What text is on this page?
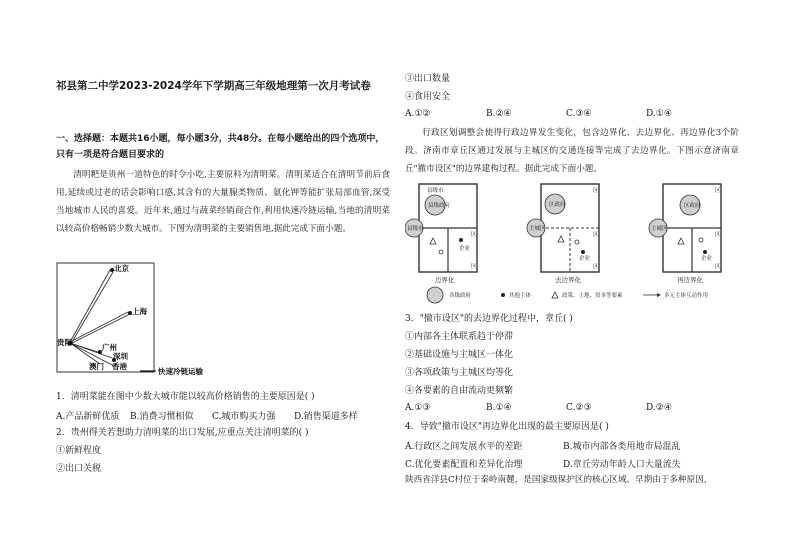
祁县第二中学2023-2024学年下学期高三年级地理第一次月考试卷
一、选择题：本题共16小题，每小题3分，共48分。在每小题给出的四个选项中，只有一项是符合题目要求的
清明粑是贵州一道特色的时令小吃,主要原料为清明菜。清明菜适合在清明节前后食用,延续或过老的话会影响口感,其含有的大量腺类物质、氨化钾等能扩张局部血管,深受当地城市人民的喜爱。近年来,通过与蔬菜经销商合作,利用快速冷链运输,当地的清明菜以较高价格畅销少数大城市。下图为清明菜的主要销售地,据此完成下面小题。
北京
上海
贵阳
广州
深圳
澳门 香港
快速冷链运输
1．清明菜能在图中少数大城市能以较高价格销售的主要原因是( )
A.产品新鲜优质 B.消费习惯相似 C.城市购买力强 D.销售渠道多样
2．贵州得关若想助力清明菜的出口发展,应重点关注清明菜的( )
①新鲜程度
②出口关税
③出口数量
④食用安全
A.①②	B.②④	C.③④	D.①④
行政区划调整会使得行政边界发生变化，包含边界化、去边界化、再边界化3个阶段。济南市章丘区通过发展与主城区的交通连接等完成了去边界化。下图示意济南章丘"撤市设区"的边界建构过程。据此完成下面小题。
县级市
县级政府
县级市
企业
区
区
边界化
区
区政府
主城区
企业
区
区
去边界化
区
区政府
主城区
企业
区
区
再边界化
各级政府	其他主体	政策、土地、资本等要素	多元主体互动作用
3．"撤市设区"的去边界化过程中，章丘( )
①内部各主体联系趋于停滞
②基础设施与主城区一体化
③各项政策与主城区均等化
④各要素的自由流动更频繁
A.①③	B.①④	C.②③	D.②④
4．导致"撤市设区"再边界化出现的最主要原因是( )
A.行政区之间发展水平的差距	B.城市内部各类用地市局混乱
C.优化要素配置和差异化治理	D.章丘劳动年龄人口大量流失
陕西省洋县C村位于秦岭南麓，是国家级保护区的核心区域。早期由于多种原因，
